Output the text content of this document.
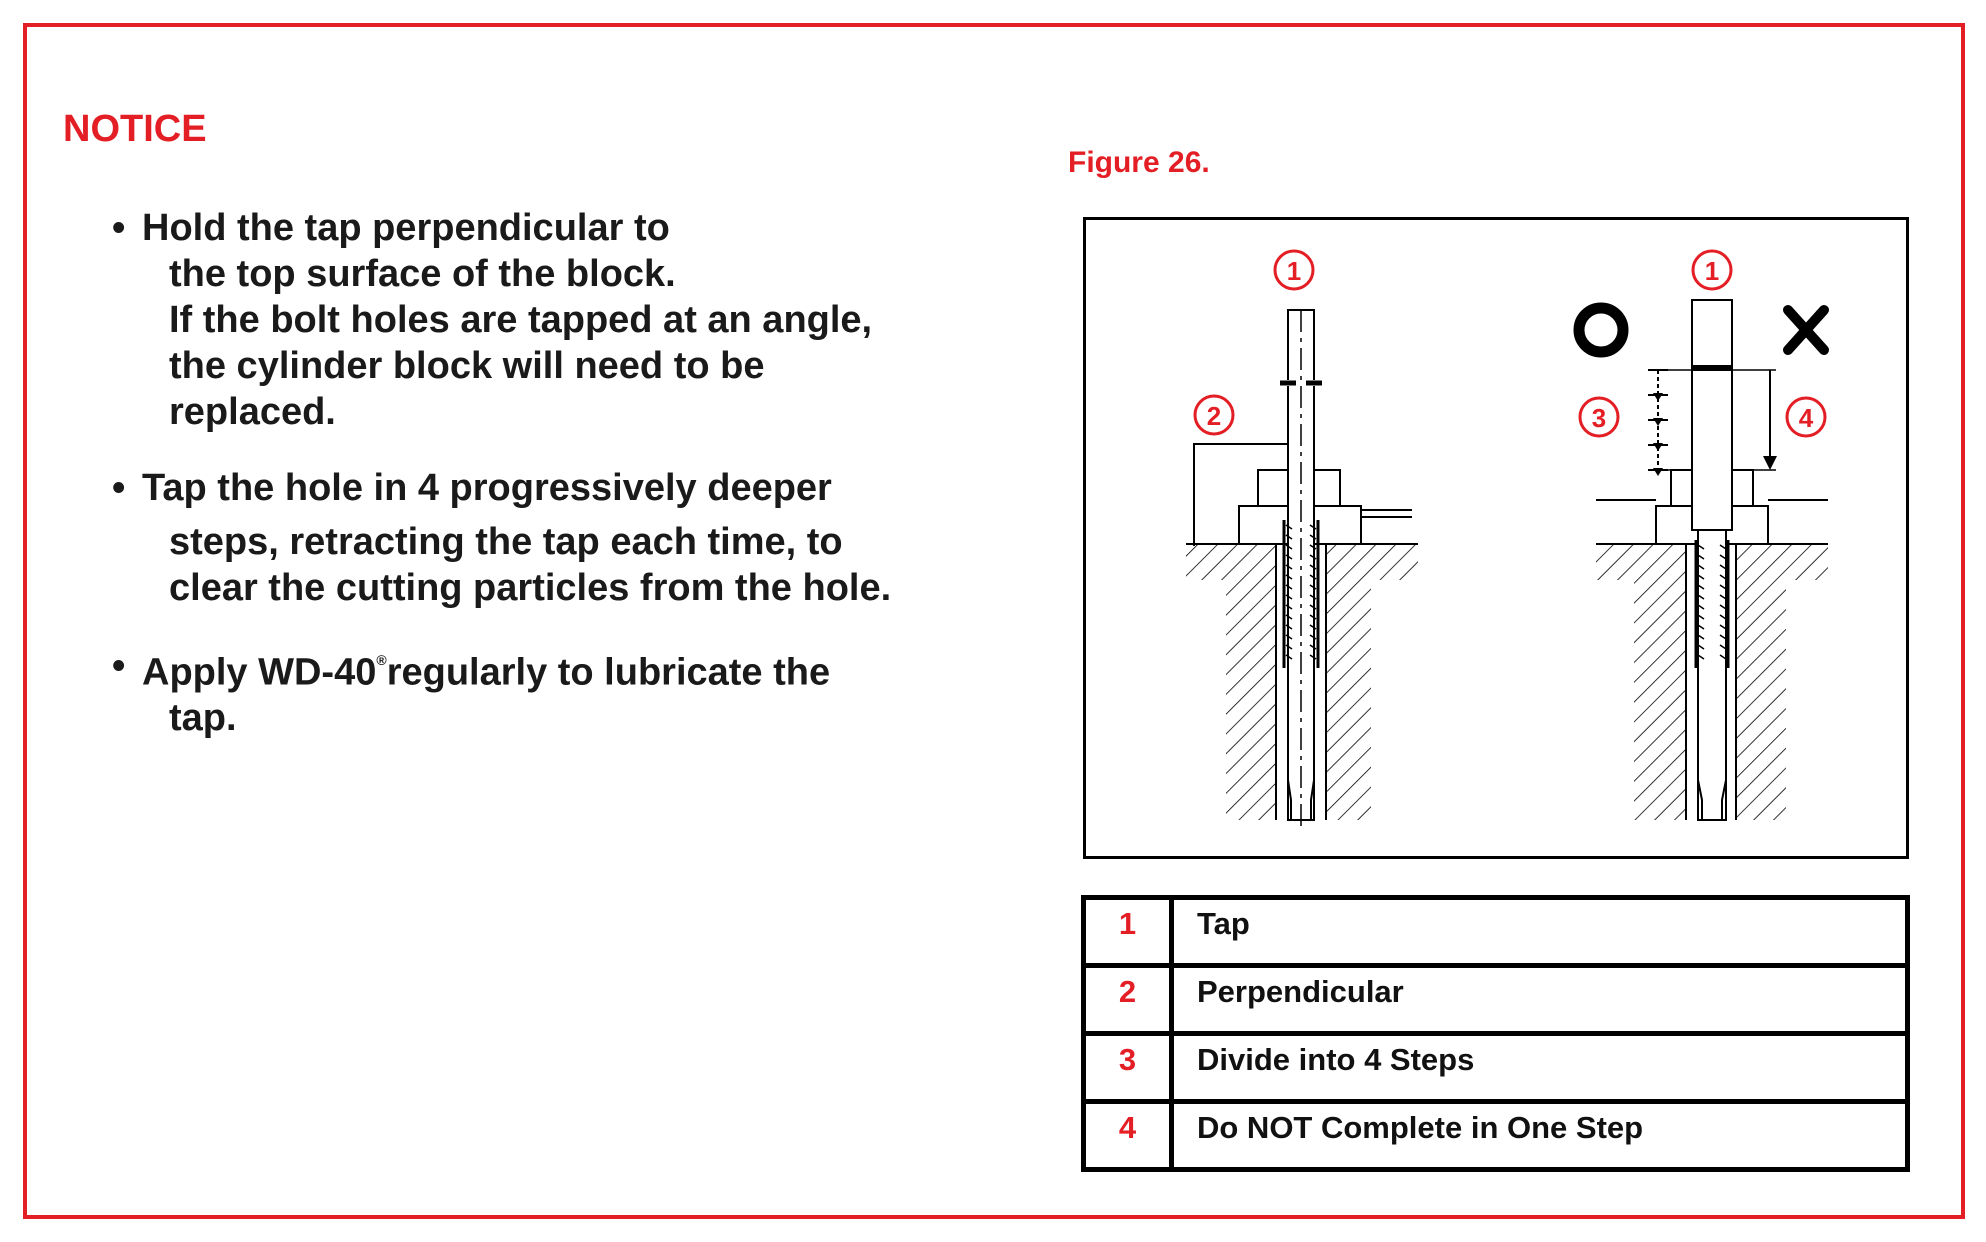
NOTICE
• Hold the tap perpendicular to
the top surface of the block.
If the bolt holes are tapped at an angle,
the cylinder block will need to be
replaced.
• Tap the hole in 4 progressively deeper
steps, retracting the tap each time, to
clear the cutting particles from the hole.
• Apply WD-40®regularly to lubricate the
tap.

Figure 26.

1
2
1
3	4
1	Tap
2	Perpendicular
3	Divide into 4 Steps
4	Do NOT Complete in One Step
